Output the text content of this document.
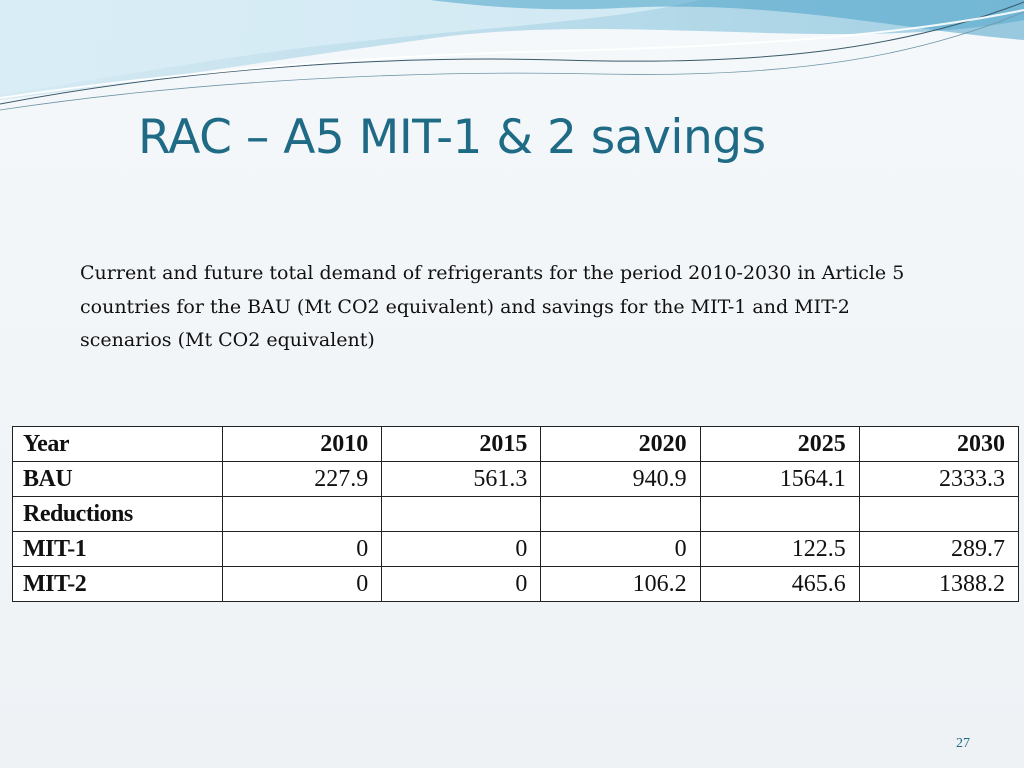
RAC – A5 MIT-1 & 2 savings
Current and future total demand of refrigerants for the period 2010-2030 in Article 5 countries for the BAU (Mt CO2 equivalent) and savings for the MIT-1 and MIT-2 scenarios (Mt CO2 equivalent)
Year	2010	2015	2020	2025	2030
BAU	227.9	561.3	940.9	1564.1	2333.3
Reductions					
MIT-1	0	0	0	122.5	289.7
MIT-2	0	0	106.2	465.6	1388.2
27
